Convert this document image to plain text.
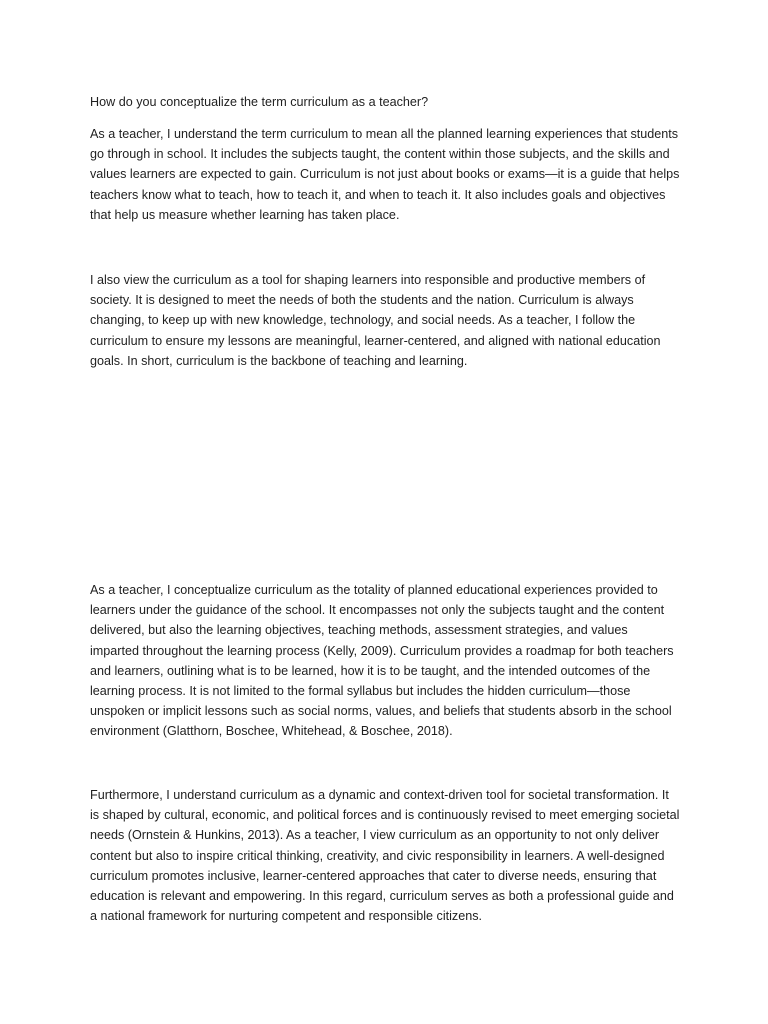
How do you conceptualize the term curriculum as a teacher?

As a teacher, I understand the term curriculum to mean all the planned learning experiences that students go through in school. It includes the subjects taught, the content within those subjects, and the skills and values learners are expected to gain. Curriculum is not just about books or exams—it is a guide that helps teachers know what to teach, how to teach it, and when to teach it. It also includes goals and objectives that help us measure whether learning has taken place.

I also view the curriculum as a tool for shaping learners into responsible and productive members of society. It is designed to meet the needs of both the students and the nation. Curriculum is always changing, to keep up with new knowledge, technology, and social needs. As a teacher, I follow the curriculum to ensure my lessons are meaningful, learner-centered, and aligned with national education goals. In short, curriculum is the backbone of teaching and learning.

As a teacher, I conceptualize curriculum as the totality of planned educational experiences provided to learners under the guidance of the school. It encompasses not only the subjects taught and the content delivered, but also the learning objectives, teaching methods, assessment strategies, and values imparted throughout the learning process (Kelly, 2009). Curriculum provides a roadmap for both teachers and learners, outlining what is to be learned, how it is to be taught, and the intended outcomes of the learning process. It is not limited to the formal syllabus but includes the hidden curriculum—those unspoken or implicit lessons such as social norms, values, and beliefs that students absorb in the school environment (Glatthorn, Boschee, Whitehead, & Boschee, 2018).

Furthermore, I understand curriculum as a dynamic and context-driven tool for societal transformation. It is shaped by cultural, economic, and political forces and is continuously revised to meet emerging societal needs (Ornstein & Hunkins, 2013). As a teacher, I view curriculum as an opportunity to not only deliver content but also to inspire critical thinking, creativity, and civic responsibility in learners. A well-designed curriculum promotes inclusive, learner-centered approaches that cater to diverse needs, ensuring that education is relevant and empowering. In this regard, curriculum serves as both a professional guide and a national framework for nurturing competent and responsible citizens.
